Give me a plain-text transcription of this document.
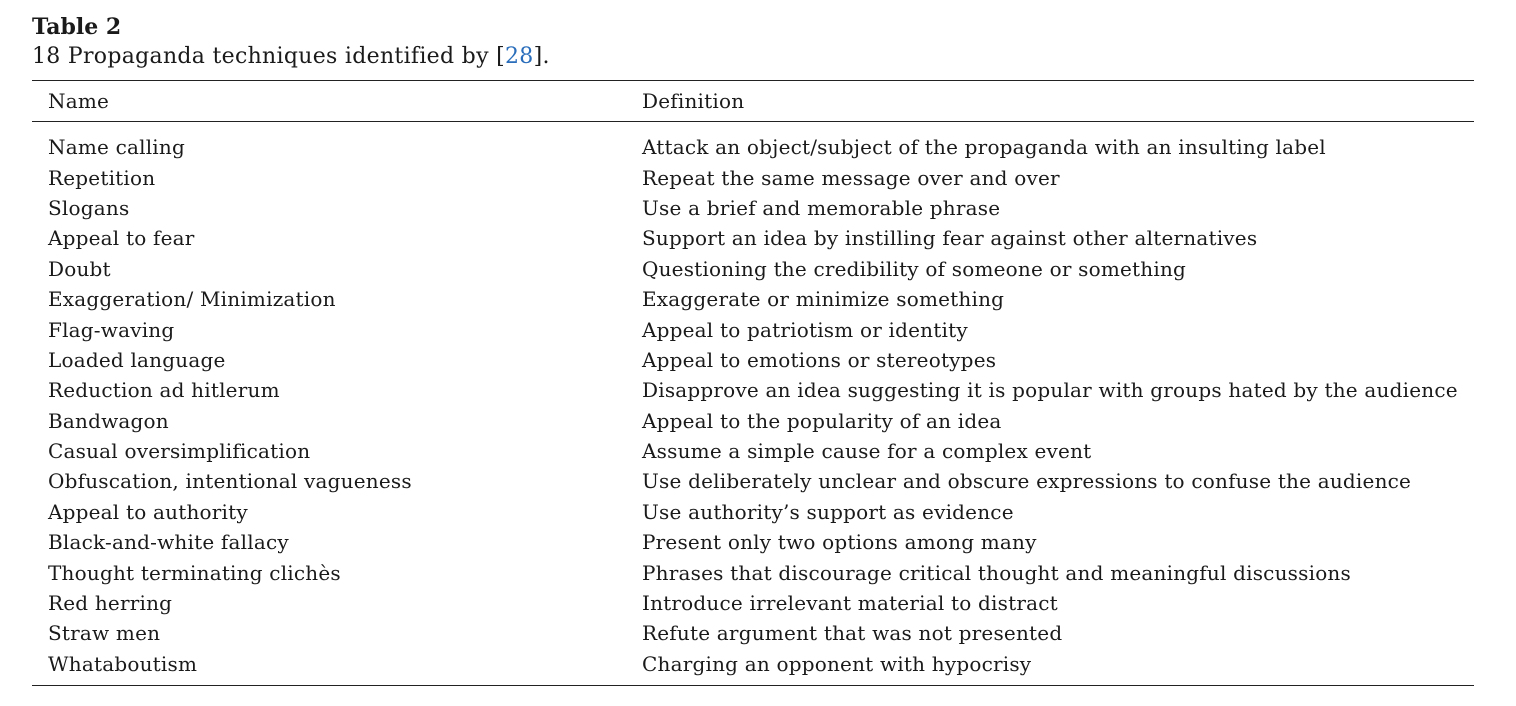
Table 2

18 Propaganda techniques identified by [28].

Name	Definition
Name calling	Attack an object/subject of the propaganda with an insulting label
Repetition	Repeat the same message over and over
Slogans	Use a brief and memorable phrase
Appeal to fear	Support an idea by instilling fear against other alternatives
Doubt	Questioning the credibility of someone or something
Exaggeration/ Minimization	Exaggerate or minimize something
Flag-waving	Appeal to patriotism or identity
Loaded language	Appeal to emotions or stereotypes
Reduction ad hitlerum	Disapprove an idea suggesting it is popular with groups hated by the audience
Bandwagon	Appeal to the popularity of an idea
Casual oversimplification	Assume a simple cause for a complex event
Obfuscation, intentional vagueness	Use deliberately unclear and obscure expressions to confuse the audience
Appeal to authority	Use authority’s support as evidence
Black-and-white fallacy	Present only two options among many
Thought terminating clichès	Phrases that discourage critical thought and meaningful discussions
Red herring	Introduce irrelevant material to distract
Straw men	Refute argument that was not presented
Whataboutism	Charging an opponent with hypocrisy
